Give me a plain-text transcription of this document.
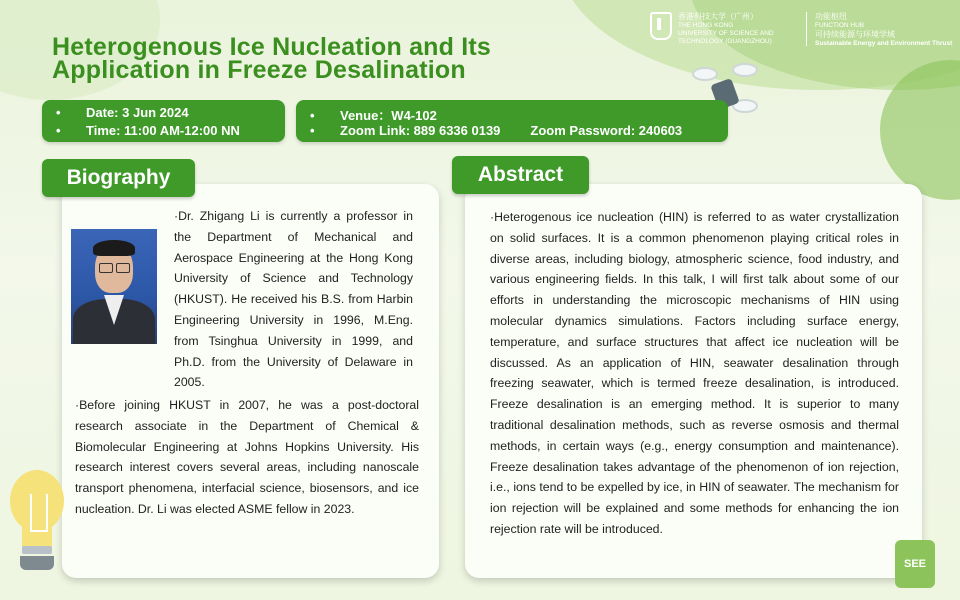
香港科技大学（广州）
THE HONG KONG
UNIVERSITY OF SCIENCE AND
TECHNOLOGY (GUANGZHOU)
功能枢纽
FUNCTION HUB
可持续能源与环境学域
Sustainable Energy and Environment Thrust
Heterogenous Ice Nucleation and Its
Application in Freeze Desalination
• Date: 3 Jun 2024
• Time: 11:00 AM-12:00 NN
• Venue：W4-102
• Zoom Link: 889 6336 0139 Zoom Password: 240603
Biography
·Dr. Zhigang Li is currently a professor in the Department of Mechanical and Aerospace Engineering at the Hong Kong University of Science and Technology (HKUST). He received his B.S. from Harbin Engineering University in 1996, M.Eng. from Tsinghua University in 1999, and Ph.D. from the University of Delaware in 2005.
·Before joining HKUST in 2007, he was a post-doctoral research associate in the Department of Chemical & Biomolecular Engineering at Johns Hopkins University. His research interest covers several areas, including nanoscale transport phenomena, interfacial science, biosensors, and ice nucleation. Dr. Li was elected ASME fellow in 2023.
Abstract
·Heterogenous ice nucleation (HIN) is referred to as water crystallization on solid surfaces. It is a common phenomenon playing critical roles in diverse areas, including biology, atmospheric science, food industry, and various engineering fields. In this talk, I will first talk about some of our efforts in understanding the microscopic mechanisms of HIN using molecular dynamics simulations. Factors including surface energy, temperature, and surface structures that affect ice nucleation will be discussed. As an application of HIN, seawater desalination through freezing seawater, which is termed freeze desalination, is introduced. Freeze desalination is an emerging method. It is superior to many traditional desalination methods, such as reverse osmosis and thermal methods, in certain ways (e.g., energy consumption and maintenance). Freeze desalination takes advantage of the phenomenon of ion rejection, i.e., ions tend to be expelled by ice, in HIN of seawater. The mechanism for ion rejection will be explained and some methods for enhancing the ion rejection rate will be introduced.
SEE
